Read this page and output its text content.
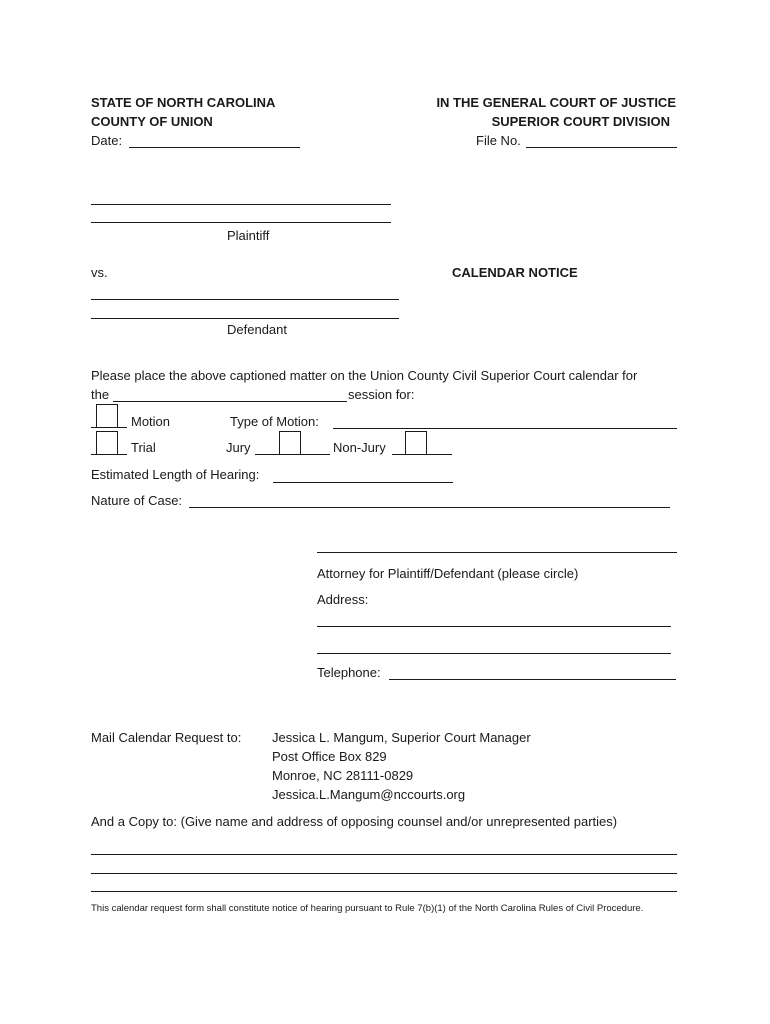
STATE OF NORTH CAROLINA
COUNTY OF UNION
Date:
IN THE GENERAL COURT OF JUSTICE
SUPERIOR COURT DIVISION
File No.
Plaintiff
vs.	CALENDAR NOTICE
Defendant
Please place the above captioned matter on the Union County Civil Superior Court calendar for
the	session for:
Motion	Type of Motion:
Trial	Jury	Non-Jury
Estimated Length of Hearing:
Nature of Case:
Attorney for Plaintiff/Defendant (please circle)
Address:
Telephone:
Mail Calendar Request to: Jessica L. Mangum, Superior Court Manager
Post Office Box 829
Monroe, NC 28111-0829
Jessica.L.Mangum@nccourts.org
And a Copy to: (Give name and address of opposing counsel and/or unrepresented parties)
This calendar request form shall constitute notice of hearing pursuant to Rule 7(b)(1) of the North Carolina Rules of Civil Procedure.
